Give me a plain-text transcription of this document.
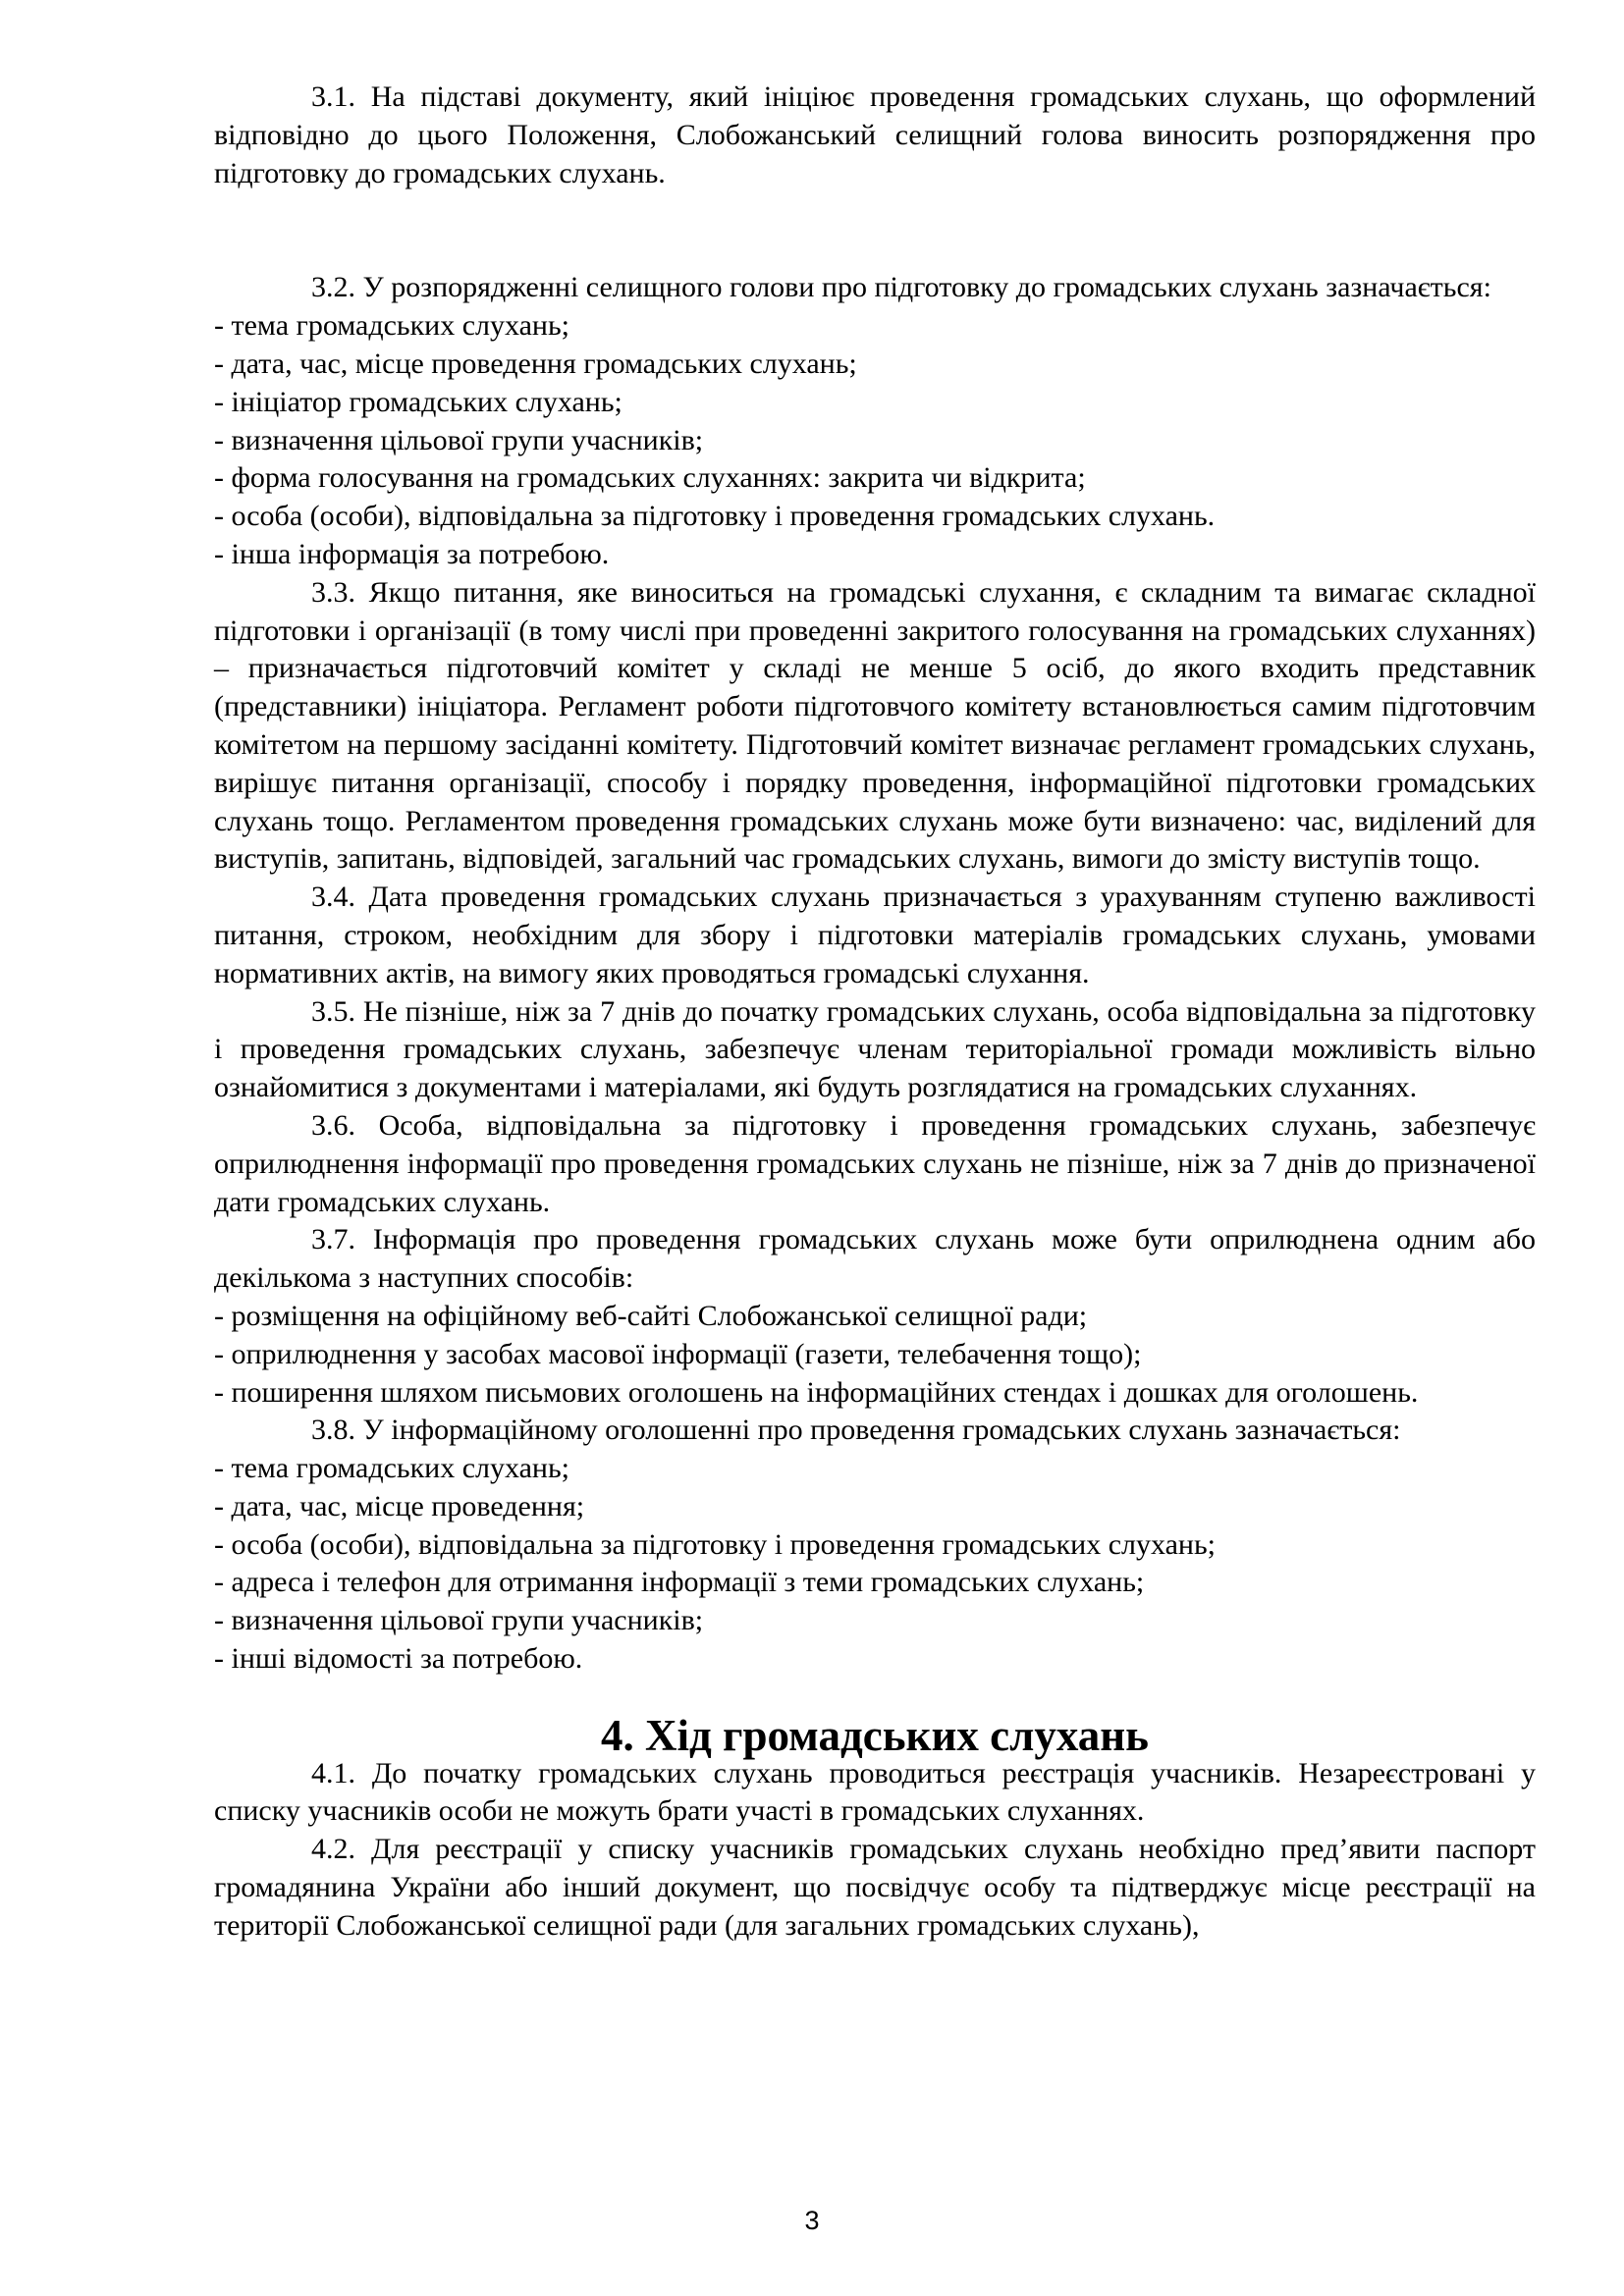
3.1. На підставі документу, який ініціює проведення громадських слухань, що оформлений відповідно до цього Положення, Слобожанський селищний голова виносить розпорядження про підготовку до громадських слухань.

3.2. У розпорядженні селищного голови про підготовку до громадських слухань зазначається:

- тема громадських слухань;

- дата, час, місце проведення громадських слухань;

- ініціатор громадських слухань;

- визначення цільової групи учасників;

- форма голосування на громадських слуханнях: закрита чи відкрита;

- особа (особи), відповідальна за підготовку і проведення громадських слухань.

- інша інформація за потребою.

3.3. Якщо питання, яке виноситься на громадські слухання, є складним та вимагає складної підготовки і організації (в тому числі при проведенні закритого голосування на громадських слуханнях) – призначається підготовчий комітет у складі не менше 5 осіб, до якого входить представник (представники) ініціатора. Регламент роботи підготовчого комітету встановлюється самим підготовчим комітетом на першому засіданні комітету. Підготовчий комітет визначає регламент громадських слухань, вирішує питання організації, способу і порядку проведення, інформаційної підготовки громадських слухань тощо. Регламентом проведення громадських слухань може бути визначено: час, виділений для виступів, запитань, відповідей, загальний час громадських слухань, вимоги до змісту виступів тощо.

3.4. Дата проведення громадських слухань призначається з урахуванням ступеню важливості питання, строком, необхідним для збору і підготовки матеріалів громадських слухань, умовами нормативних актів, на вимогу яких проводяться громадські слухання.

3.5. Не пізніше, ніж за 7 днів до початку громадських слухань, особа відповідальна за підготовку і проведення громадських слухань, забезпечує членам територіальної громади можливість вільно ознайомитися з документами і матеріалами, які будуть розглядатися на громадських слуханнях.

3.6. Особа, відповідальна за підготовку і проведення громадських слухань, забезпечує оприлюднення інформації про проведення громадських слухань не пізніше, ніж за 7 днів до призначеної дати громадських слухань.

3.7. Інформація про проведення громадських слухань може бути оприлюднена одним або декількома з наступних способів:

- розміщення на офіційному веб-сайті Слобожанської селищної ради;

- оприлюднення у засобах масової інформації (газети, телебачення тощо);

- поширення шляхом письмових оголошень на інформаційних стендах і дошках для оголошень.

3.8. У інформаційному оголошенні про проведення громадських слухань зазначається:

- тема громадських слухань;

- дата, час, місце проведення;

- особа (особи), відповідальна за підготовку і проведення громадських слухань;

- адреса і телефон для отримання інформації з теми громадських слухань;

- визначення цільової групи учасників;

- інші відомості за потребою.

4. Хід громадських слухань

4.1. До початку громадських слухань проводиться реєстрація учасників. Незареєстровані у списку учасників особи не можуть брати участі в громадських слуханнях.

4.2. Для реєстрації у списку учасників громадських слухань необхідно пред’явити паспорт громадянина України або інший документ, що посвідчує особу та підтверджує місце реєстрації на території Слобожанської селищної ради (для загальних громадських слухань),

3
